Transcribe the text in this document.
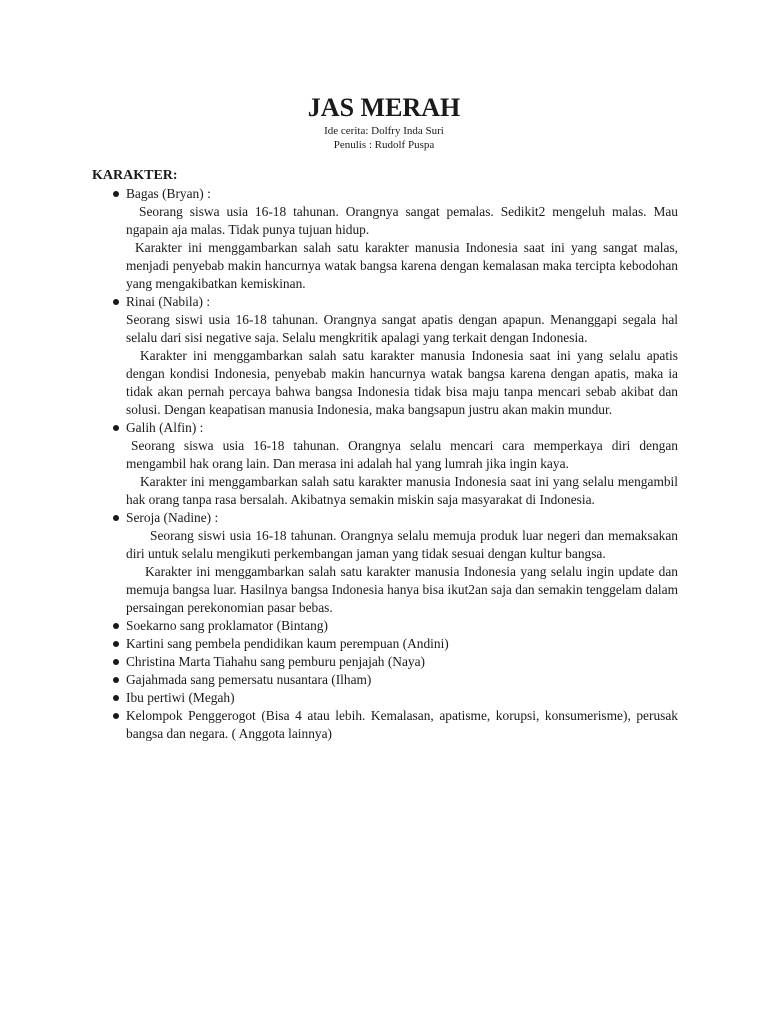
JAS MERAH
Ide cerita: Dolfry Inda Suri
Penulis : Rudolf Puspa
KARAKTER:
Bagas (Bryan) :

Seorang siswa usia 16-18 tahunan. Orangnya sangat pemalas. Sedikit2 mengeluh malas. Mau ngapain aja malas. Tidak punya tujuan hidup.

Karakter ini menggambarkan salah satu karakter manusia Indonesia saat ini yang sangat malas, menjadi penyebab makin hancurnya watak bangsa karena dengan kemalasan maka tercipta kebodohan yang mengakibatkan kemiskinan.

Rinai (Nabila) :

Seorang siswi usia 16-18 tahunan. Orangnya sangat apatis dengan apapun. Menanggapi segala hal selalu dari sisi negative saja. Selalu mengkritik apalagi yang terkait dengan Indonesia.

Karakter ini menggambarkan salah satu karakter manusia Indonesia saat ini yang selalu apatis dengan kondisi Indonesia, penyebab makin hancurnya watak bangsa karena dengan apatis, maka ia tidak akan pernah percaya bahwa bangsa Indonesia tidak bisa maju tanpa mencari sebab akibat dan solusi. Dengan keapatisan manusia Indonesia, maka bangsapun justru akan makin mundur.

Galih (Alfin) :

Seorang siswa usia 16-18 tahunan. Orangnya selalu mencari cara memperkaya diri dengan mengambil hak orang lain. Dan merasa ini adalah hal yang lumrah jika ingin kaya.

Karakter ini menggambarkan salah satu karakter manusia Indonesia saat ini yang selalu mengambil hak orang tanpa rasa bersalah. Akibatnya semakin miskin saja masyarakat di Indonesia.

Seroja (Nadine) :

Seorang siswi usia 16-18 tahunan. Orangnya selalu memuja produk luar negeri dan memaksakan diri untuk selalu mengikuti perkembangan jaman yang tidak sesuai dengan kultur bangsa.

Karakter ini menggambarkan salah satu karakter manusia Indonesia yang selalu ingin update dan memuja bangsa luar. Hasilnya bangsa Indonesia hanya bisa ikut2an saja dan semakin tenggelam dalam persaingan perekonomian pasar bebas.

Soekarno sang proklamator (Bintang)
Kartini sang pembela pendidikan kaum perempuan (Andini)
Christina Marta Tiahahu sang pemburu penjajah (Naya)
Gajahmada sang pemersatu nusantara (Ilham)
Ibu pertiwi (Megah)
Kelompok Penggerogot (Bisa 4 atau lebih. Kemalasan, apatisme, korupsi, konsumerisme), perusak bangsa dan negara. ( Anggota lainnya)
